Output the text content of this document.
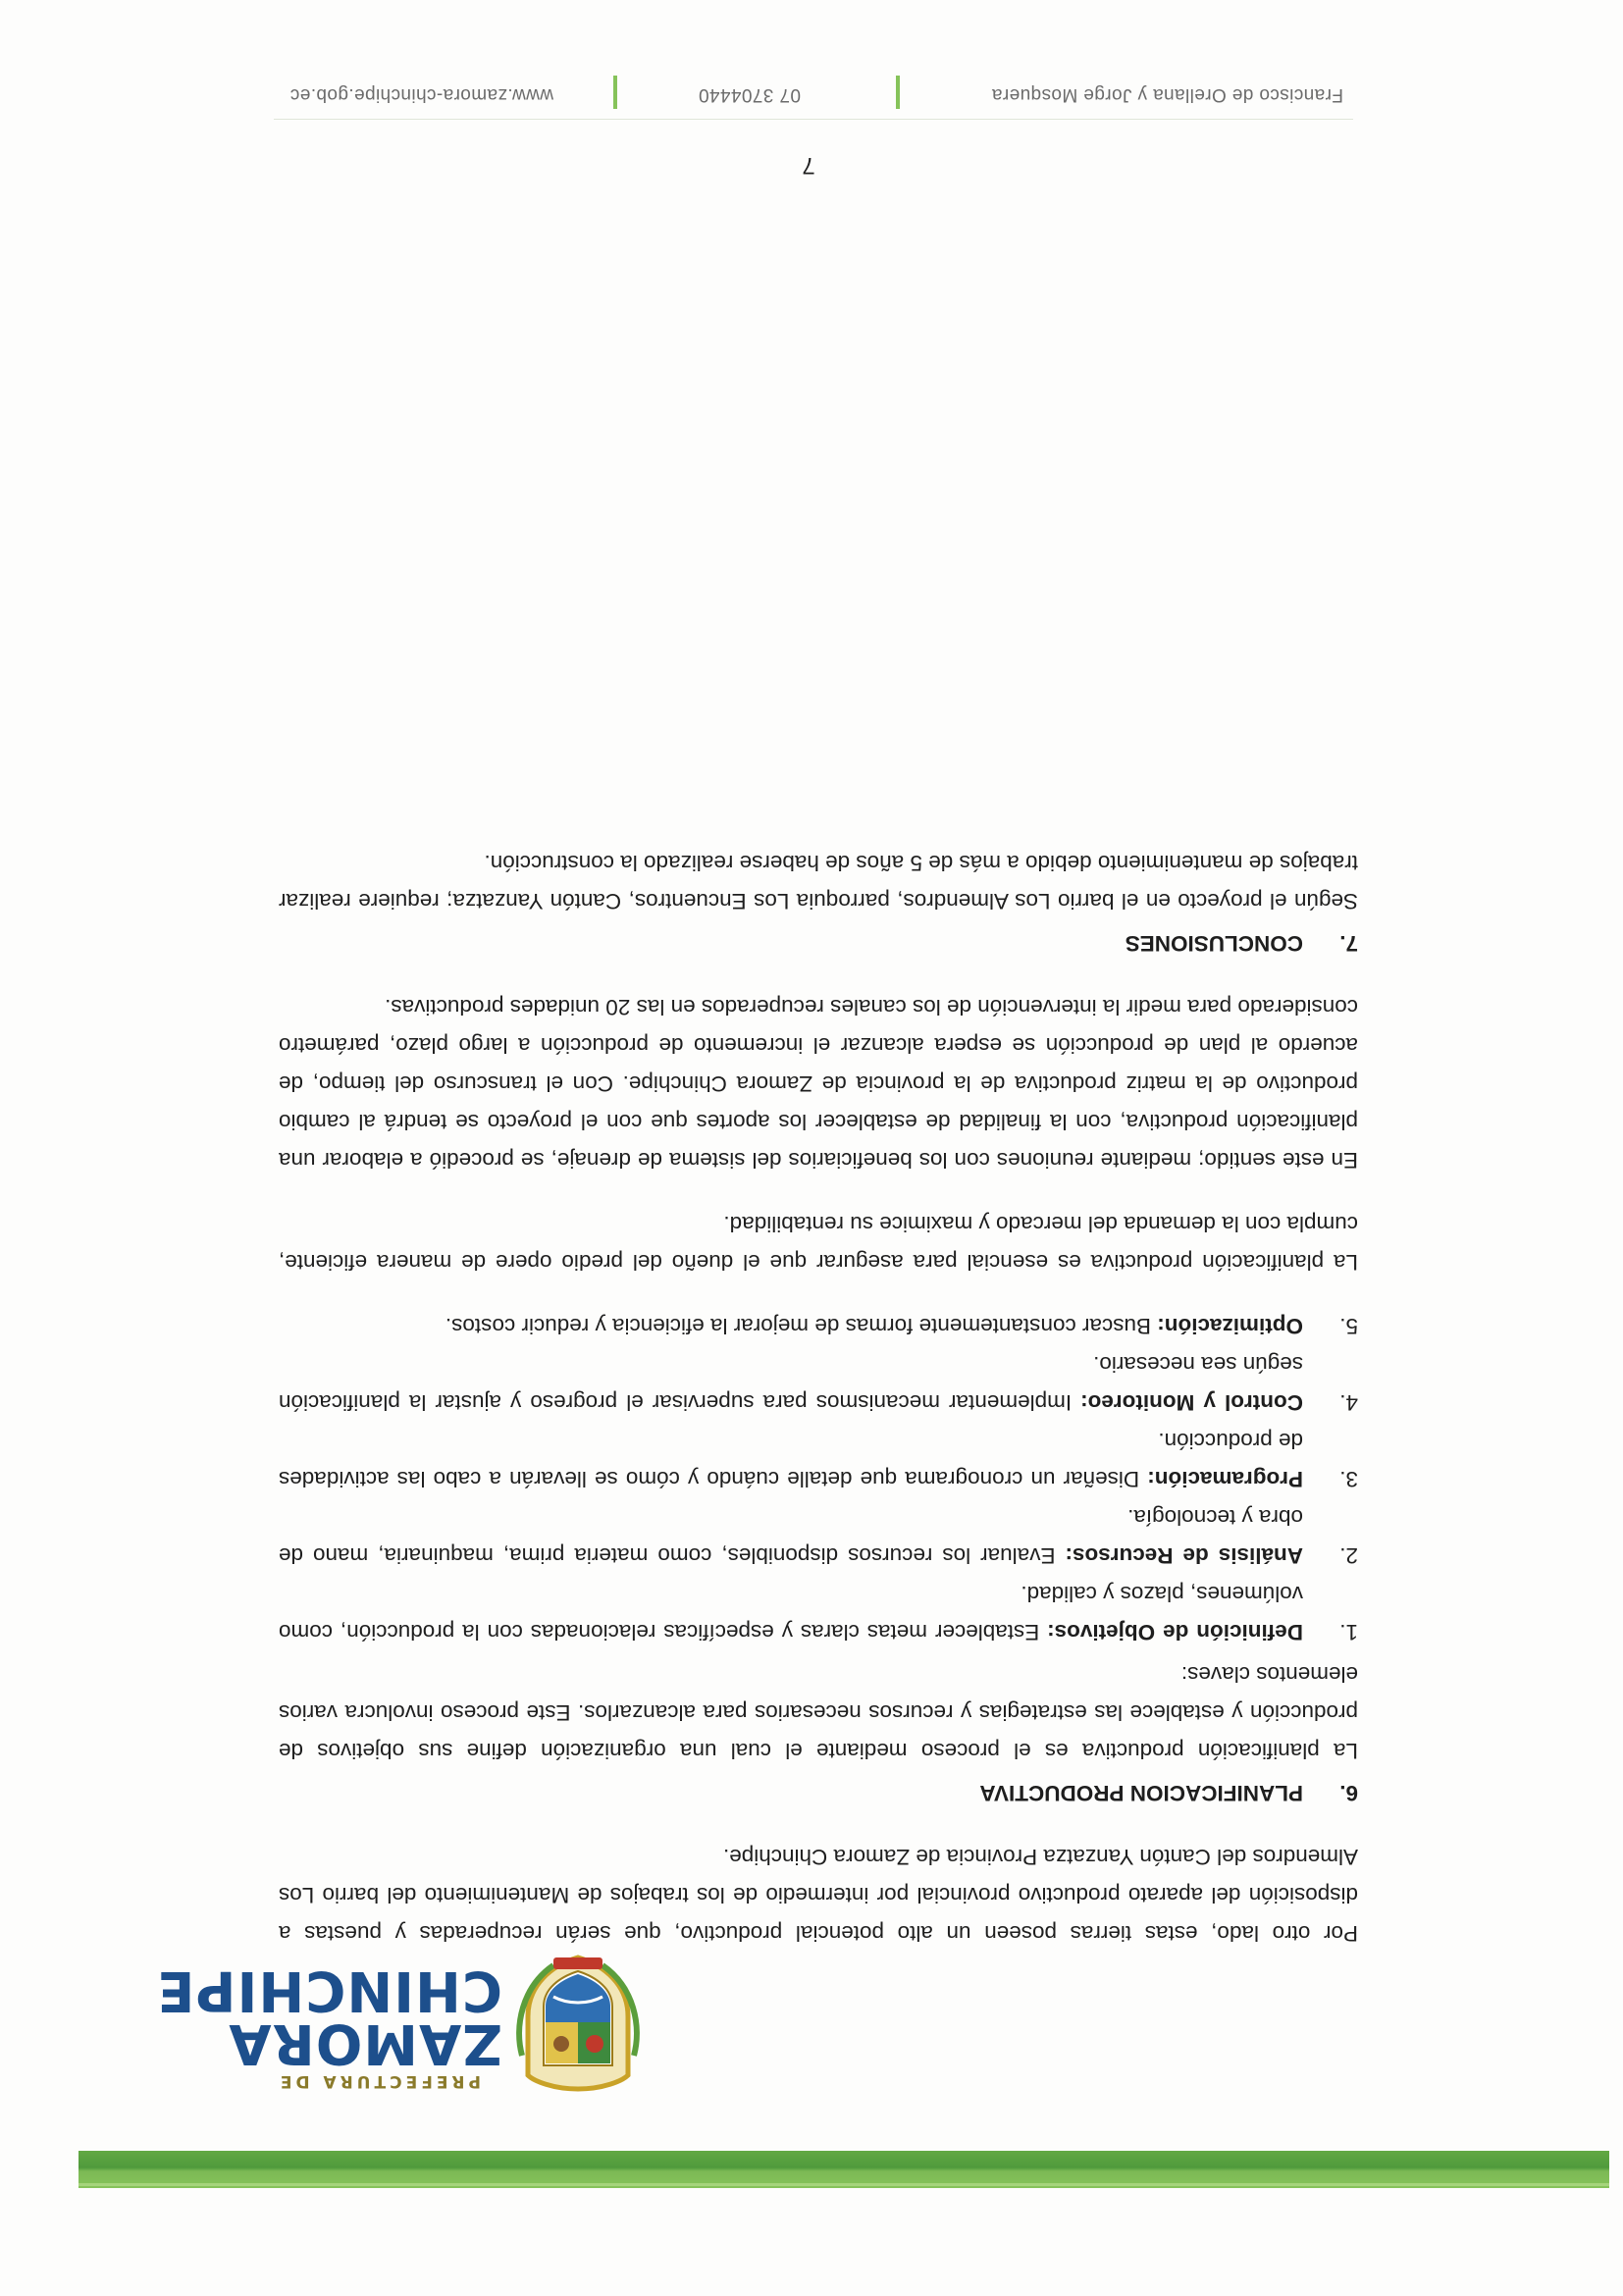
PREFECTURA DE
ZAMORA
CHINCHIPE

Por otro lado, estas tierras poseen un alto potencial productivo, que serán recuperadas y puestas a disposición del aparato productivo provincial por intermedio de los trabajos de Mantenimiento del barrio Los Almendros del Cantón Yanzatza Provincia de Zamora Chinchipe.

6.PLANIFICACION PRODUCTIVA

La planificación productiva es el proceso mediante el cual una organización define sus objetivos de producción y establece las estrategias y recursos necesarios para alcanzarlos. Este proceso involucra varios elementos claves:

1.
Definición de Objetivos: Establecer metas claras y específicas relacionadas con la producción, como volúmenes, plazos y calidad.
2.
Análisis de Recursos: Evaluar los recursos disponibles, como materia prima, maquinaria, mano de obra y tecnología.
3.
Programación: Diseñar un cronograma que detalle cuándo y cómo se llevarán a cabo las actividades de producción.
4.
Control y Monitoreo: Implementar mecanismos para supervisar el progreso y ajustar la planificación según sea necesario.
5.
Optimización: Buscar constantemente formas de mejorar la eficiencia y reducir costos.

La planificación productiva es esencial para asegurar que el dueño del predio opere de manera eficiente, cumpla con la demanda del mercado y maximice su rentabilidad.

En este sentido; mediante reuniones con los beneficiarios del sistema de drenaje, se procedió a elaborar una planificación productiva, con la finalidad de establecer los aportes que con el proyecto se tendrá al cambio productivo de la matriz productiva de la provincia de Zamora Chinchipe. Con el transcurso del tiempo, de acuerdo al plan de producción se espera alcanzar el incremento de producción a largo plazo, parámetro considerado para medir la intervención de los canales recuperados en las 20 unidades productivas.

7.CONCLUSIONES

Según el proyecto en el barrio Los Almendros, parroquia Los Encuentros, Cantón Yanzatza; requiere realizar trabajos de mantenimiento debido a más de 5 años de haberse realizado la construcción.

7
Francisco de Orellana y Jorge Mosquera
07 3704440
www.zamora-chinchipe.gob.ec
